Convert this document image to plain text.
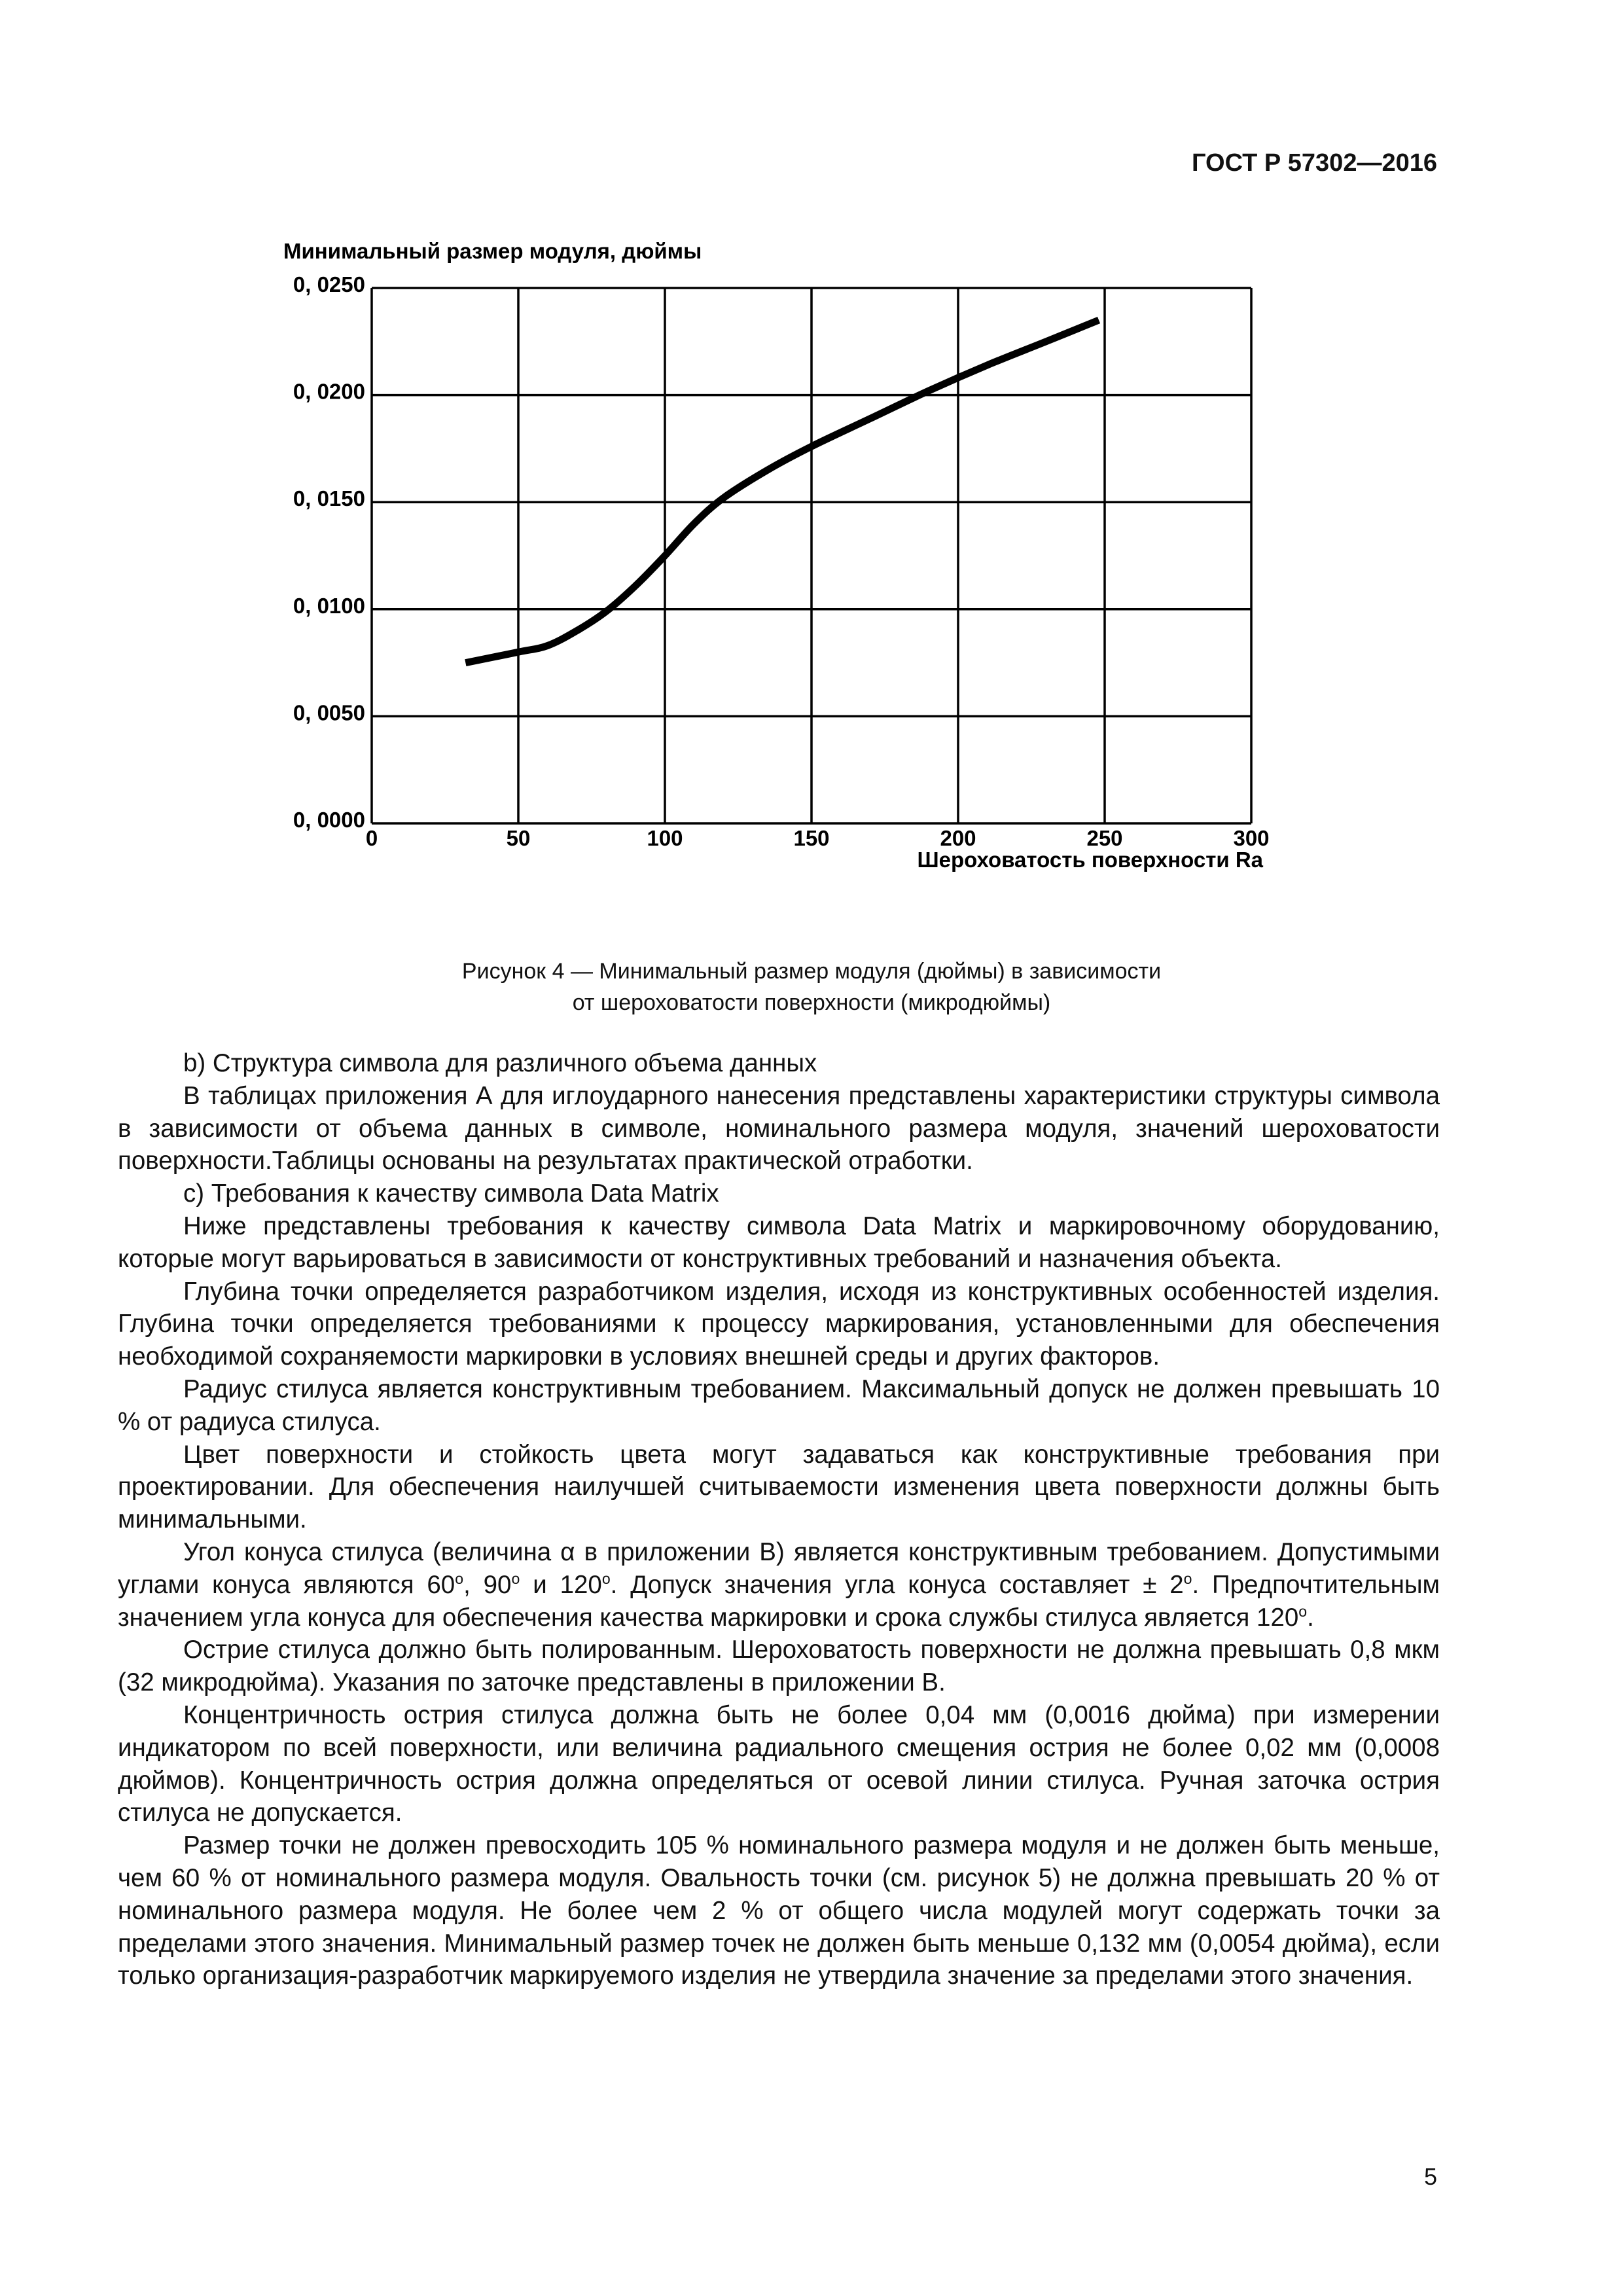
ГОСТ Р 57302—2016
0, 0000
0, 0050
0, 0100
0, 0150
0, 0200
0, 0250
0	50	100	150	200	250	300
Минимальный размер модуля, дюймы
Шероховатость поверхности Ra
Рисунок 4 — Минимальный размер модуля (дюймы) в зависимости
от шероховатости поверхности (микродюймы)

b) Структура символа для различного объема данных

В таблицах приложения А для иглоударного нанесения представлены характеристики структуры символа в зависимости от объема данных в символе, номинального размера модуля, значений шероховатости поверхности.Таблицы основаны на результатах практической отработки.

с) Требования к качеству символа Data Matrix

Ниже представлены требования к качеству символа Data Matrix и маркировочному оборудованию, которые могут варьироваться в зависимости от конструктивных требований и назначения объекта.

Глубина точки определяется разработчиком изделия, исходя из конструктивных особенностей изделия. Глубина точки определяется требованиями к процессу маркирования, установленными для обеспечения необходимой сохраняемости маркировки в условиях внешней среды и других факторов.

Радиус стилуса является конструктивным требованием. Максимальный допуск не должен превышать 10 % от радиуса стилуса.

Цвет поверхности и стойкость цвета могут задаваться как конструктивные требования при проектировании. Для обеспечения наилучшей считываемости изменения цвета поверхности должны быть минимальными.

Угол конуса стилуса (величина α в приложении В) является конструктивным требованием. Допустимыми углами конуса являются $60^о$, $90^о$ и $120^о$. Допуск значения угла конуса составляет ± $2^о$. Предпочтительным значением угла конуса для обеспечения качества маркировки и срока службы стилуса является $120^о$.

Острие стилуса должно быть полированным. Шероховатость поверхности не должна превышать 0,8 мкм (32 микродюйма). Указания по заточке представлены в приложении В.

Концентричность острия стилуса должна быть не более 0,04 мм (0,0016 дюйма) при измерении индикатором по всей поверхности, или величина радиального смещения острия не более 0,02 мм (0,0008 дюймов). Концентричность острия должна определяться от осевой линии стилуса. Ручная заточка острия стилуса не допускается.

Размер точки не должен превосходить 105 % номинального размера модуля и не должен быть меньше, чем 60 % от номинального размера модуля. Овальность точки (см. рисунок 5) не должна превышать 20 % от номинального размера модуля. Не более чем 2 % от общего числа модулей могут содержать точки за пределами этого значения. Минимальный размер точек не должен быть меньше 0,132 мм (0,0054 дюйма), если только организация-разработчик маркируемого изделия не утвердила значение за пределами этого значения.

5
